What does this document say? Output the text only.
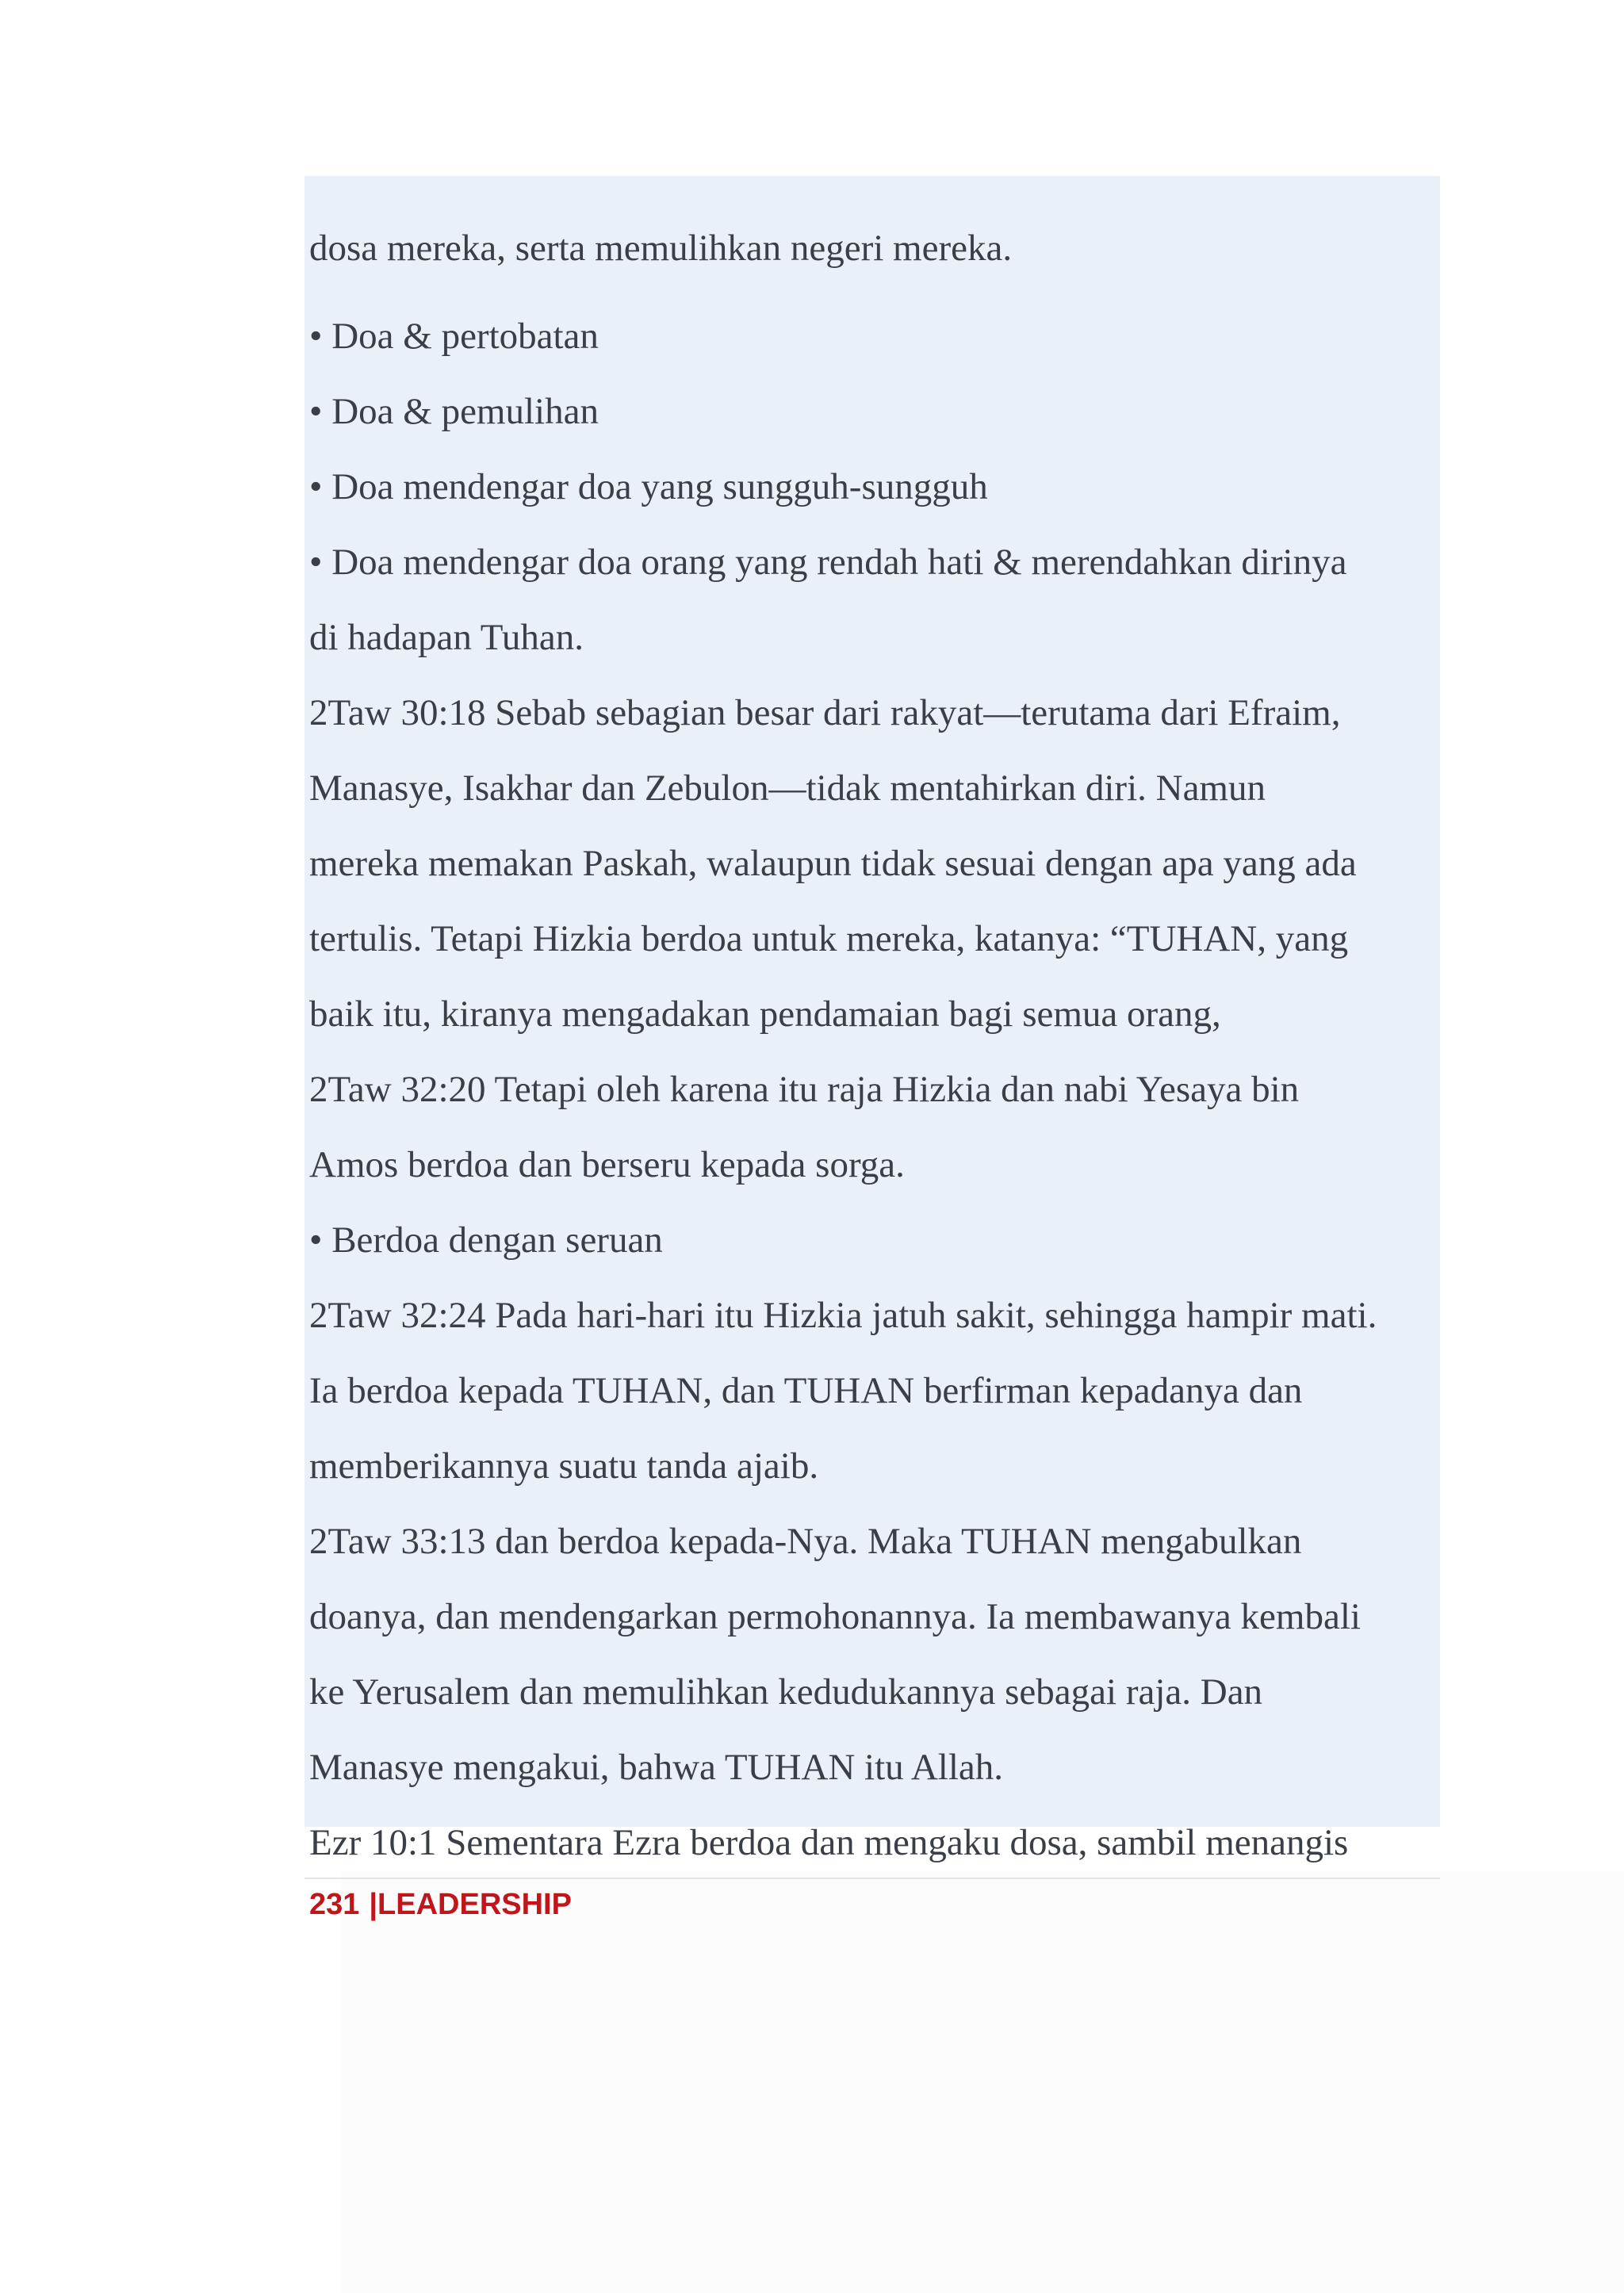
dosa mereka, serta memulihkan negeri mereka.
• Doa & pertobatan
• Doa & pemulihan
• Doa mendengar doa yang sungguh-sungguh
• Doa mendengar doa orang yang rendah hati & merendahkan dirinya
di hadapan Tuhan.
2Taw 30:18 Sebab sebagian besar dari rakyat—terutama dari Efraim,
Manasye, Isakhar dan Zebulon—tidak mentahirkan diri. Namun
mereka memakan Paskah, walaupun tidak sesuai dengan apa yang ada
tertulis. Tetapi Hizkia berdoa untuk mereka, katanya: “TUHAN, yang
baik itu, kiranya mengadakan pendamaian bagi semua orang,
2Taw 32:20 Tetapi oleh karena itu raja Hizkia dan nabi Yesaya bin
Amos berdoa dan berseru kepada sorga.
• Berdoa dengan seruan
2Taw 32:24 Pada hari-hari itu Hizkia jatuh sakit, sehingga hampir mati.
Ia berdoa kepada TUHAN, dan TUHAN berfirman kepadanya dan
memberikannya suatu tanda ajaib.
2Taw 33:13 dan berdoa kepada-Nya. Maka TUHAN mengabulkan
doanya, dan mendengarkan permohonannya. Ia membawanya kembali
ke Yerusalem dan memulihkan kedudukannya sebagai raja. Dan
Manasye mengakui, bahwa TUHAN itu Allah.
Ezr 10:1 Sementara Ezra berdoa dan mengaku dosa, sambil menangis
231 |LEADERSHIP
